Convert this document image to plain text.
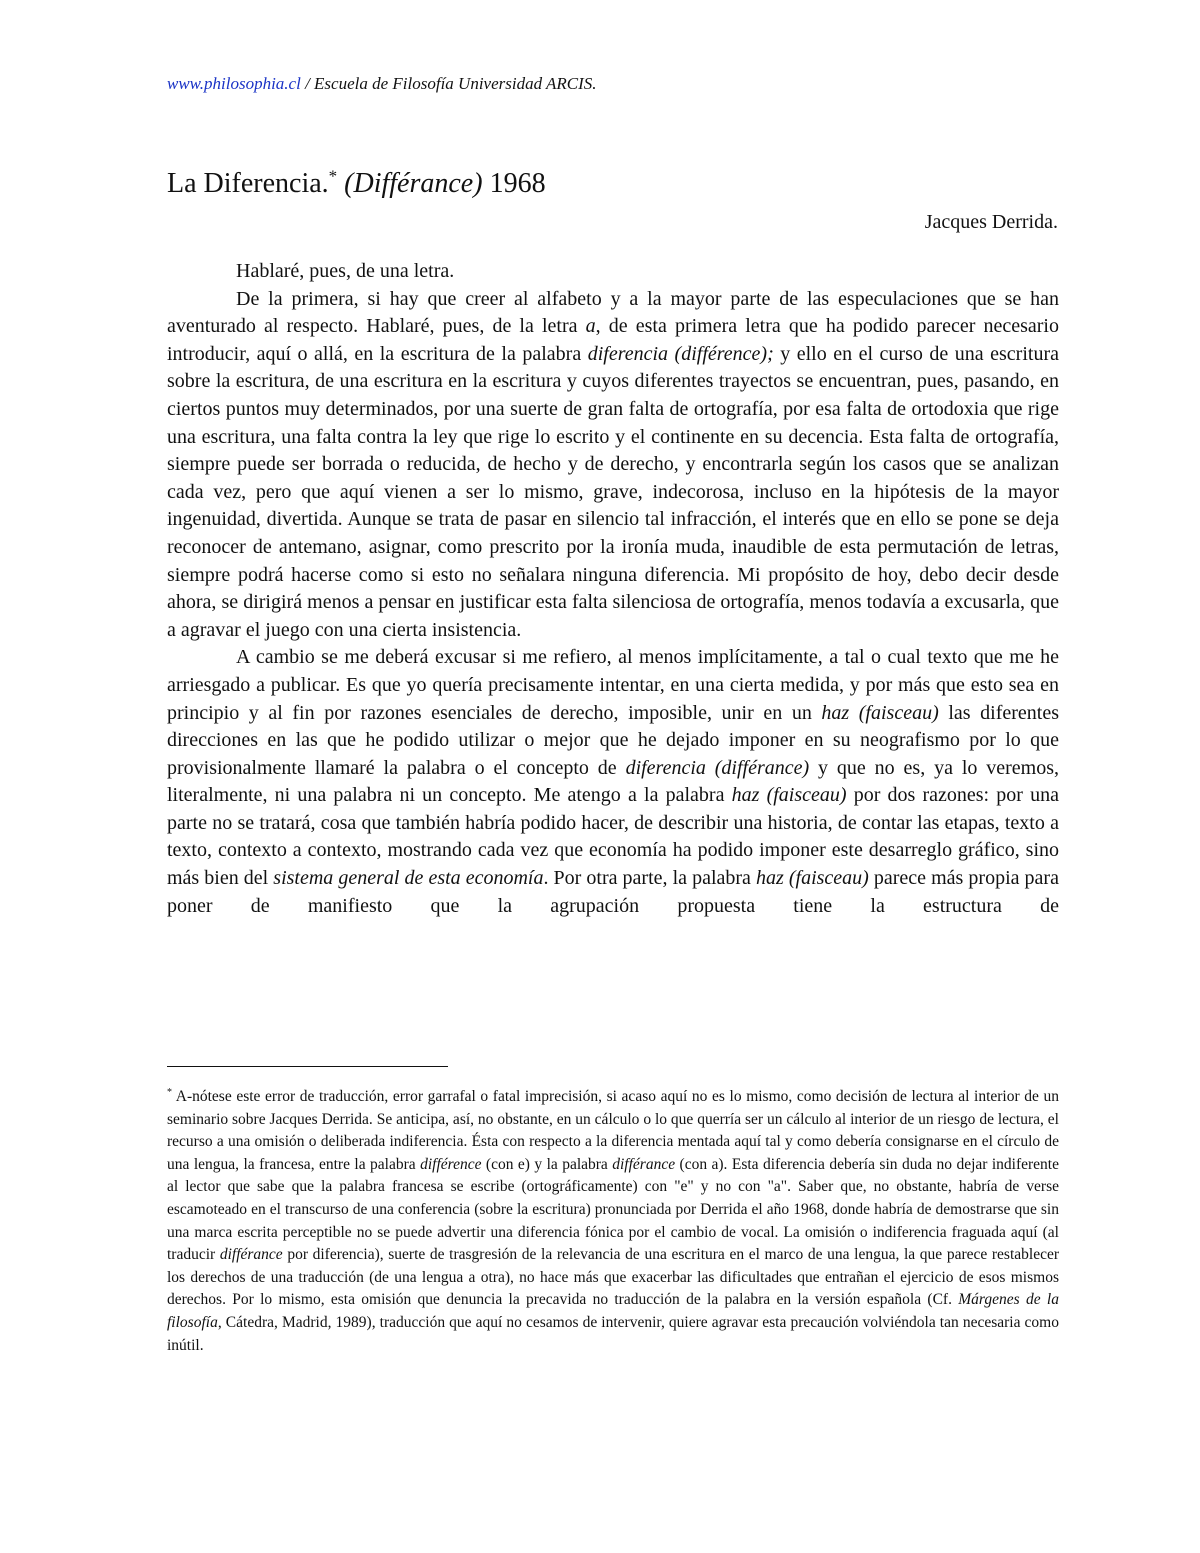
www.philosophia.cl / Escuela de Filosofía Universidad ARCIS.
La Diferencia.* (Différance) 1968
Jacques Derrida.

Hablaré, pues, de una letra.

De la primera, si hay que creer al alfabeto y a la mayor parte de las especulaciones que se han aventurado al respecto. Hablaré, pues, de la letra a, de esta primera letra que ha podido parecer necesario introducir, aquí o allá, en la escritura de la palabra diferencia (différence); y ello en el curso de una escritura sobre la escritura, de una escritura en la escritura y cuyos diferentes trayectos se encuentran, pues, pasando, en ciertos puntos muy determinados, por una suerte de gran falta de ortografía, por esa falta de ortodoxia que rige una escritura, una falta contra la ley que rige lo escrito y el continente en su decencia. Esta falta de ortografía, siempre puede ser borrada o reducida, de hecho y de derecho, y encontrarla según los casos que se analizan cada vez, pero que aquí vienen a ser lo mismo, grave, indecorosa, incluso en la hipótesis de la mayor ingenuidad, divertida. Aunque se trata de pasar en silencio tal infracción, el interés que en ello se pone se deja reconocer de antemano, asignar, como prescrito por la ironía muda, inaudible de esta permutación de letras, siempre podrá hacerse como si esto no señalara ninguna diferencia. Mi propósito de hoy, debo decir desde ahora, se dirigirá menos a pensar en justificar esta falta silenciosa de ortografía, menos todavía a excusarla, que a agravar el juego con una cierta insistencia.

A cambio se me deberá excusar si me refiero, al menos implícitamente, a tal o cual texto que me he arriesgado a publicar. Es que yo quería precisamente intentar, en una cierta medida, y por más que esto sea en principio y al fin por razones esenciales de derecho, imposible, unir en un haz (faisceau) las diferentes direcciones en las que he podido utilizar o mejor que he dejado imponer en su neografismo por lo que provisionalmente llamaré la palabra o el concepto de diferencia (différance) y que no es, ya lo veremos, literalmente, ni una palabra ni un concepto. Me atengo a la palabra haz (faisceau) por dos razones: por una parte no se tratará, cosa que también habría podido hacer, de describir una historia, de contar las etapas, texto a texto, contexto a contexto, mostrando cada vez que economía ha podido imponer este desarreglo gráfico, sino más bien del sistema general de esta economía. Por otra parte, la palabra haz (faisceau) parece más propia para poner de manifiesto que la agrupación propuesta tiene la estructura de

* A-nótese este error de traducción, error garrafal o fatal imprecisión, si acaso aquí no es lo mismo, como decisión de lectura al interior de un seminario sobre Jacques Derrida. Se anticipa, así, no obstante, en un cálculo o lo que querría ser un cálculo al interior de un riesgo de lectura, el recurso a una omisión o deliberada indiferencia. Ésta con respecto a la diferencia mentada aquí tal y como debería consignarse en el círculo de una lengua, la francesa, entre la palabra différence (con e) y la palabra différance (con a). Esta diferencia debería sin duda no dejar indiferente al lector que sabe que la palabra francesa se escribe (ortográficamente) con "e" y no con "a". Saber que, no obstante, habría de verse escamoteado en el transcurso de una conferencia (sobre la escritura) pronunciada por Derrida el año 1968, donde habría de demostrarse que sin una marca escrita perceptible no se puede advertir una diferencia fónica por el cambio de vocal. La omisión o indiferencia fraguada aquí (al traducir différance por diferencia), suerte de trasgresión de la relevancia de una escritura en el marco de una lengua, la que parece restablecer los derechos de una traducción (de una lengua a otra), no hace más que exacerbar las dificultades que entrañan el ejercicio de esos mismos derechos. Por lo mismo, esta omisión que denuncia la precavida no traducción de la palabra en la versión española (Cf. Márgenes de la filosofía, Cátedra, Madrid, 1989), traducción que aquí no cesamos de intervenir, quiere agravar esta precaución volviéndola tan necesaria como inútil.
